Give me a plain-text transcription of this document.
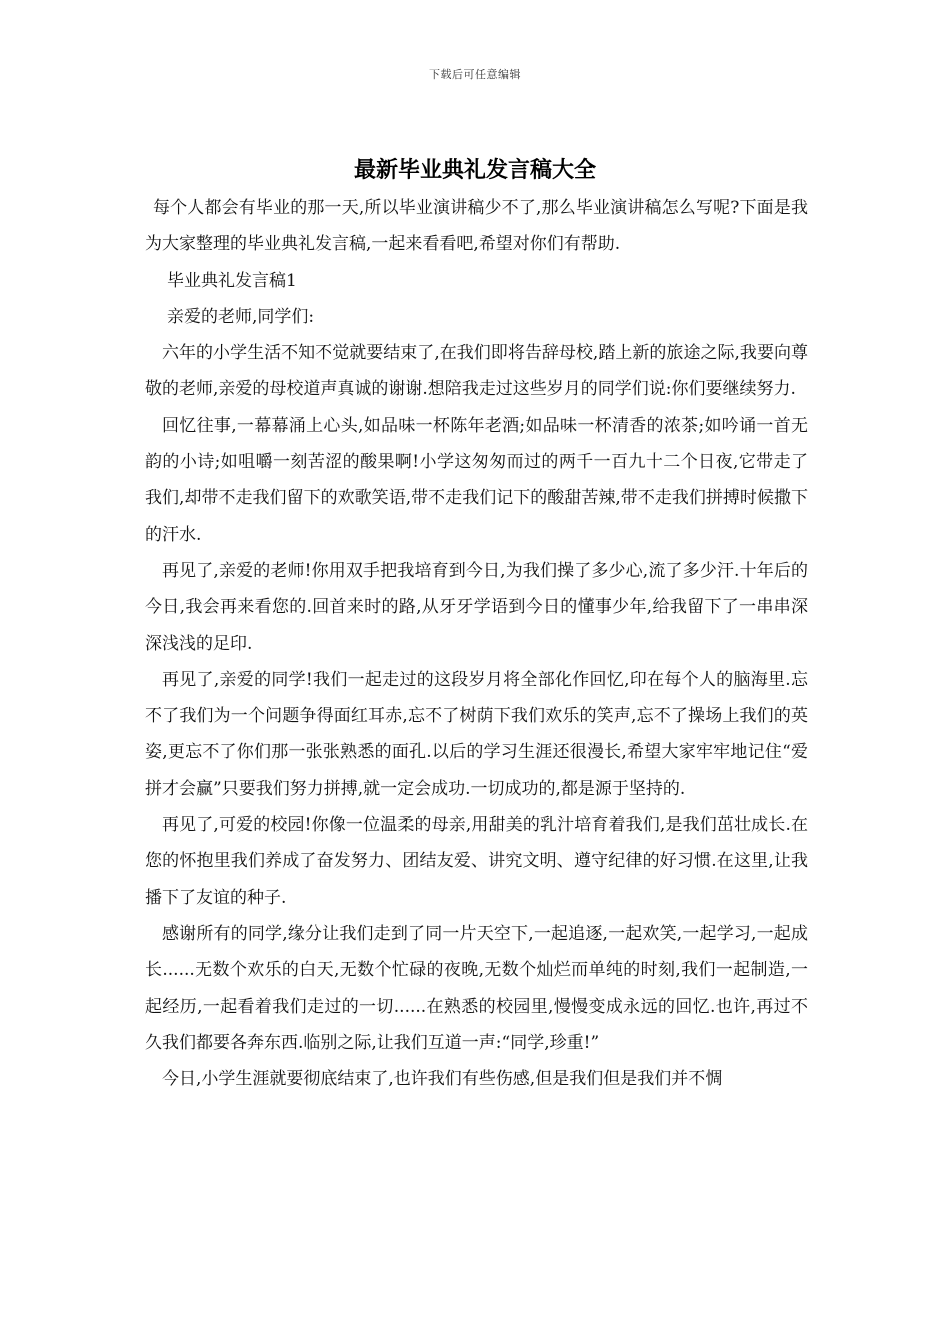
下载后可任意编辑
最新毕业典礼发言稿大全

每个人都会有毕业的那一天,所以毕业演讲稿少不了,那么毕业演讲稿怎么写呢?下面是我为大家整理的毕业典礼发言稿,一起来看看吧,希望对你们有帮助.

毕业典礼发言稿1

亲爱的老师,同学们:

六年的小学生活不知不觉就要结束了,在我们即将告辞母校,踏上新的旅途之际,我要向尊敬的老师,亲爱的母校道声真诚的谢谢.想陪我走过这些岁月的同学们说:你们要继续努力.

回忆往事,一幕幕涌上心头,如品味一杯陈年老酒;如品味一杯清香的浓茶;如吟诵一首无韵的小诗;如咀嚼一刻苦涩的酸果啊!小学这匆匆而过的两千一百九十二个日夜,它带走了我们,却带不走我们留下的欢歌笑语,带不走我们记下的酸甜苦辣,带不走我们拼搏时候撒下的汗水.

再见了,亲爱的老师!你用双手把我培育到今日,为我们操了多少心,流了多少汗.十年后的今日,我会再来看您的.回首来时的路,从牙牙学语到今日的懂事少年,给我留下了一串串深深浅浅的足印.

再见了,亲爱的同学!我们一起走过的这段岁月将全部化作回忆,印在每个人的脑海里.忘不了我们为一个问题争得面红耳赤,忘不了树荫下我们欢乐的笑声,忘不了操场上我们的英姿,更忘不了你们那一张张熟悉的面孔.以后的学习生涯还很漫长,希望大家牢牢地记住“爱拼才会赢”只要我们努力拼搏,就一定会成功.一切成功的,都是源于坚持的.

再见了,可爱的校园!你像一位温柔的母亲,用甜美的乳汁培育着我们,是我们茁壮成长.在您的怀抱里我们养成了奋发努力、团结友爱、讲究文明、遵守纪律的好习惯.在这里,让我播下了友谊的种子.

感谢所有的同学,缘分让我们走到了同一片天空下,一起追逐,一起欢笑,一起学习,一起成长......无数个欢乐的白天,无数个忙碌的夜晚,无数个灿烂而单纯的时刻,我们一起制造,一起经历,一起看着我们走过的一切......在熟悉的校园里,慢慢变成永远的回忆.也许,再过不久我们都要各奔东西.临别之际,让我们互道一声:“同学,珍重!”

今日,小学生涯就要彻底结束了,也许我们有些伤感,但是我们但是我们并不惆
